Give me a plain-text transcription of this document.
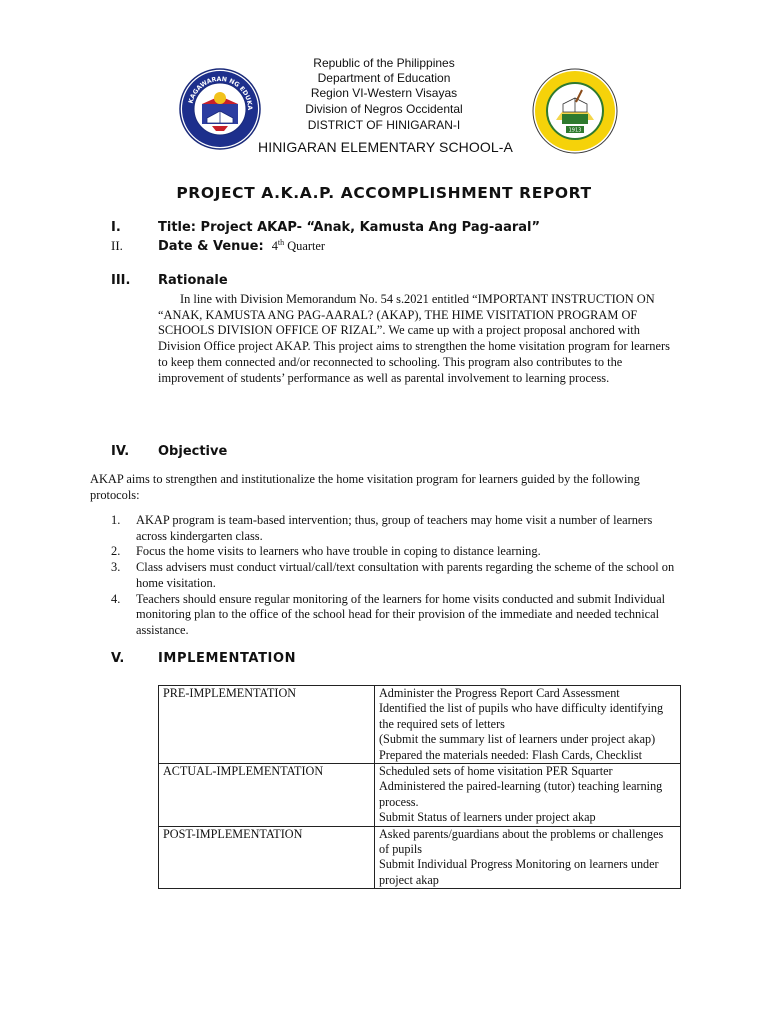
KAGAWARAN NG EDUKA
1913
Republic of the Philippines
Department of Education
Region VI-Western Visayas
Division of Negros Occidental
DISTRICT OF HINIGARAN-I
HINIGARAN ELEMENTARY SCHOOL-A
PROJECT A.K.A.P. ACCOMPLISHMENT REPORT
I.	Title: Project AKAP- “Anak, Kamusta Ang Pag-aaral”
II.	Date & Venue: 4th Quarter
III. Rationale
In line with Division Memorandum No. 54 s.2021 entitled “IMPORTANT INSTRUCTION ON “ANAK, KAMUSTA ANG PAG-AARAL? (AKAP), THE HIME VISITATION PROGRAM OF SCHOOLS DIVISION OFFICE OF RIZAL”. We came up with a project proposal anchored with Division Office project AKAP. This project aims to strengthen the home visitation program for learners to keep them connected and/or reconnected to schooling. This program also contributes to the improvement of students’ performance as well as parental involvement to learning process.
IV. Objective
AKAP aims to strengthen and institutionalize the home visitation program for learners guided by the following protocols:
1. AKAP program is team-based intervention; thus, group of teachers may home visit a number of learners across kindergarten class.
2. Focus the home visits to learners who have trouble in coping to distance learning.
3. Class advisers must conduct virtual/call/text consultation with parents regarding the scheme of the school on home visitation.
4. Teachers should ensure regular monitoring of the learners for home visits conducted and submit Individual monitoring plan to the office of the school head for their provision of the immediate and needed technical assistance.
V.	IMPLEMENTATION
PRE-IMPLEMENTATION	Administer the Progress Report Card Assessment
Identified the list of pupils who have difficulty identifying the required sets of letters
(Submit the summary list of learners under project akap)
Prepared the materials needed: Flash Cards, Checklist

ACTUAL-IMPLEMENTATION	Scheduled sets of home visitation PER Squarter
Administered the paired-learning (tutor) teaching learning process.
Submit Status of learners under project akap

POST-IMPLEMENTATION	Asked parents/guardians about the problems or challenges of pupils
Submit Individual Progress Monitoring on learners under project akap
